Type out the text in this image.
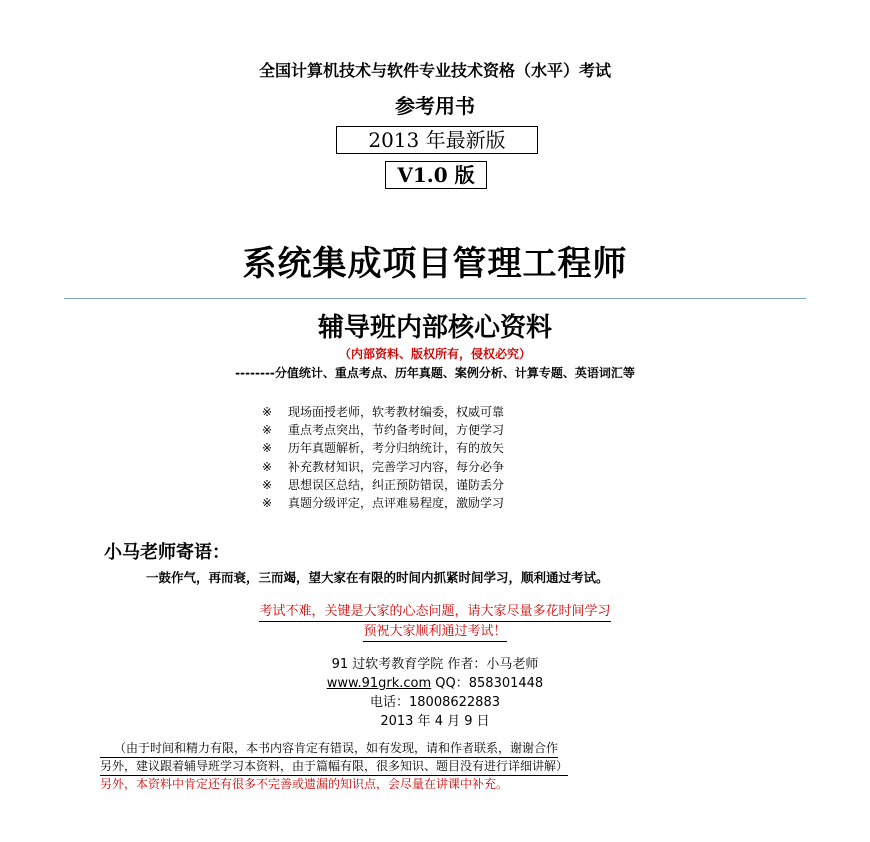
全国计算机技术与软件专业技术资格（水平）考试
参考用书
2013 年最新版
V1.0 版
系统集成项目管理工程师
辅导班内部核心资料
（内部资料、版权所有，侵权必究）
--------分值统计、重点考点、历年真题、案例分析、计算专题、英语词汇等
※ 现场面授老师，软考教材编委，权威可靠
※ 重点考点突出，节约备考时间，方便学习
※ 历年真题解析，考分归纳统计，有的放矢
※ 补充教材知识，完善学习内容，每分必争
※ 思想误区总结，纠正预防错误，谨防丢分
※ 真题分级评定，点评难易程度，激励学习
小马老师寄语：
一鼓作气，再而衰，三而竭，望大家在有限的时间内抓紧时间学习，顺利通过考试。
考试不难，关键是大家的心态问题，请大家尽量多花时间学习
预祝大家顺利通过考试！
91 过软考教育学院 作者：小马老师
www.91grk.com QQ：858301448
电话：18008622883
2013 年 4 月 9 日
（由于时间和精力有限，本书内容肯定有错误，如有发现，请和作者联系，谢谢合作
另外，建议跟着辅导班学习本资料，由于篇幅有限，很多知识、题目没有进行详细讲解）
另外，本资料中肯定还有很多不完善或遗漏的知识点，会尽量在讲课中补充。
